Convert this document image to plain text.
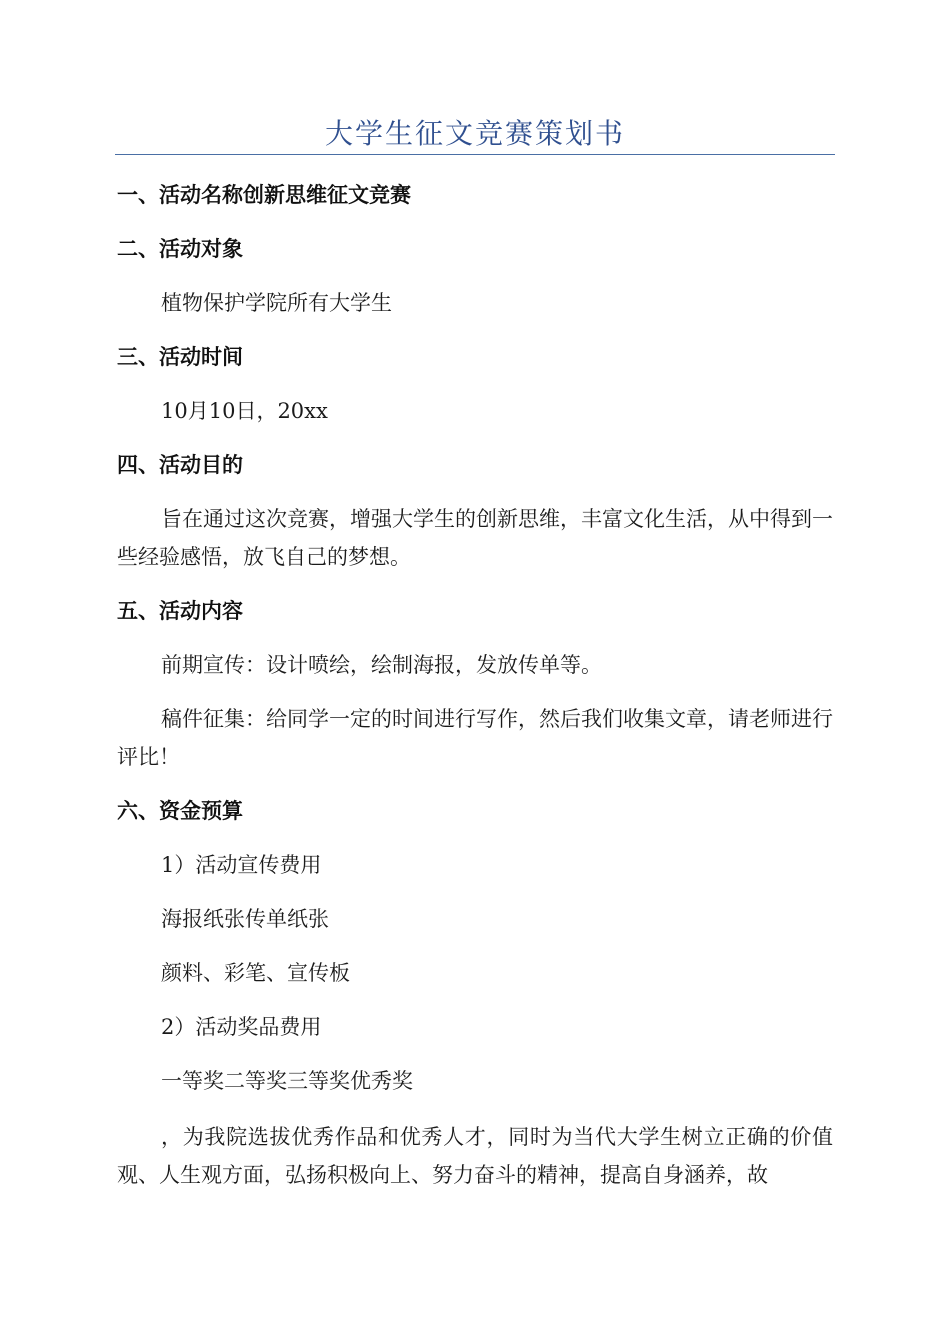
大学生征文竞赛策划书
一、活动名称创新思维征文竞赛
二、活动对象
植物保护学院所有大学生
三、活动时间
10月10日，20xx
四、活动目的
旨在通过这次竞赛，增强大学生的创新思维，丰富文化生活，从中得到一些经验感悟，放飞自己的梦想。
五、活动内容
前期宣传：设计喷绘，绘制海报，发放传单等。
稿件征集：给同学一定的时间进行写作，然后我们收集文章，请老师进行评比！
六、资金预算
1）活动宣传费用
海报纸张传单纸张
颜料、彩笔、宣传板
2）活动奖品费用
一等奖二等奖三等奖优秀奖
，为我院选拔优秀作品和优秀人才，同时为当代大学生树立正确的价值观、人生观方面，弘扬积极向上、努力奋斗的精神，提高自身涵养，故
